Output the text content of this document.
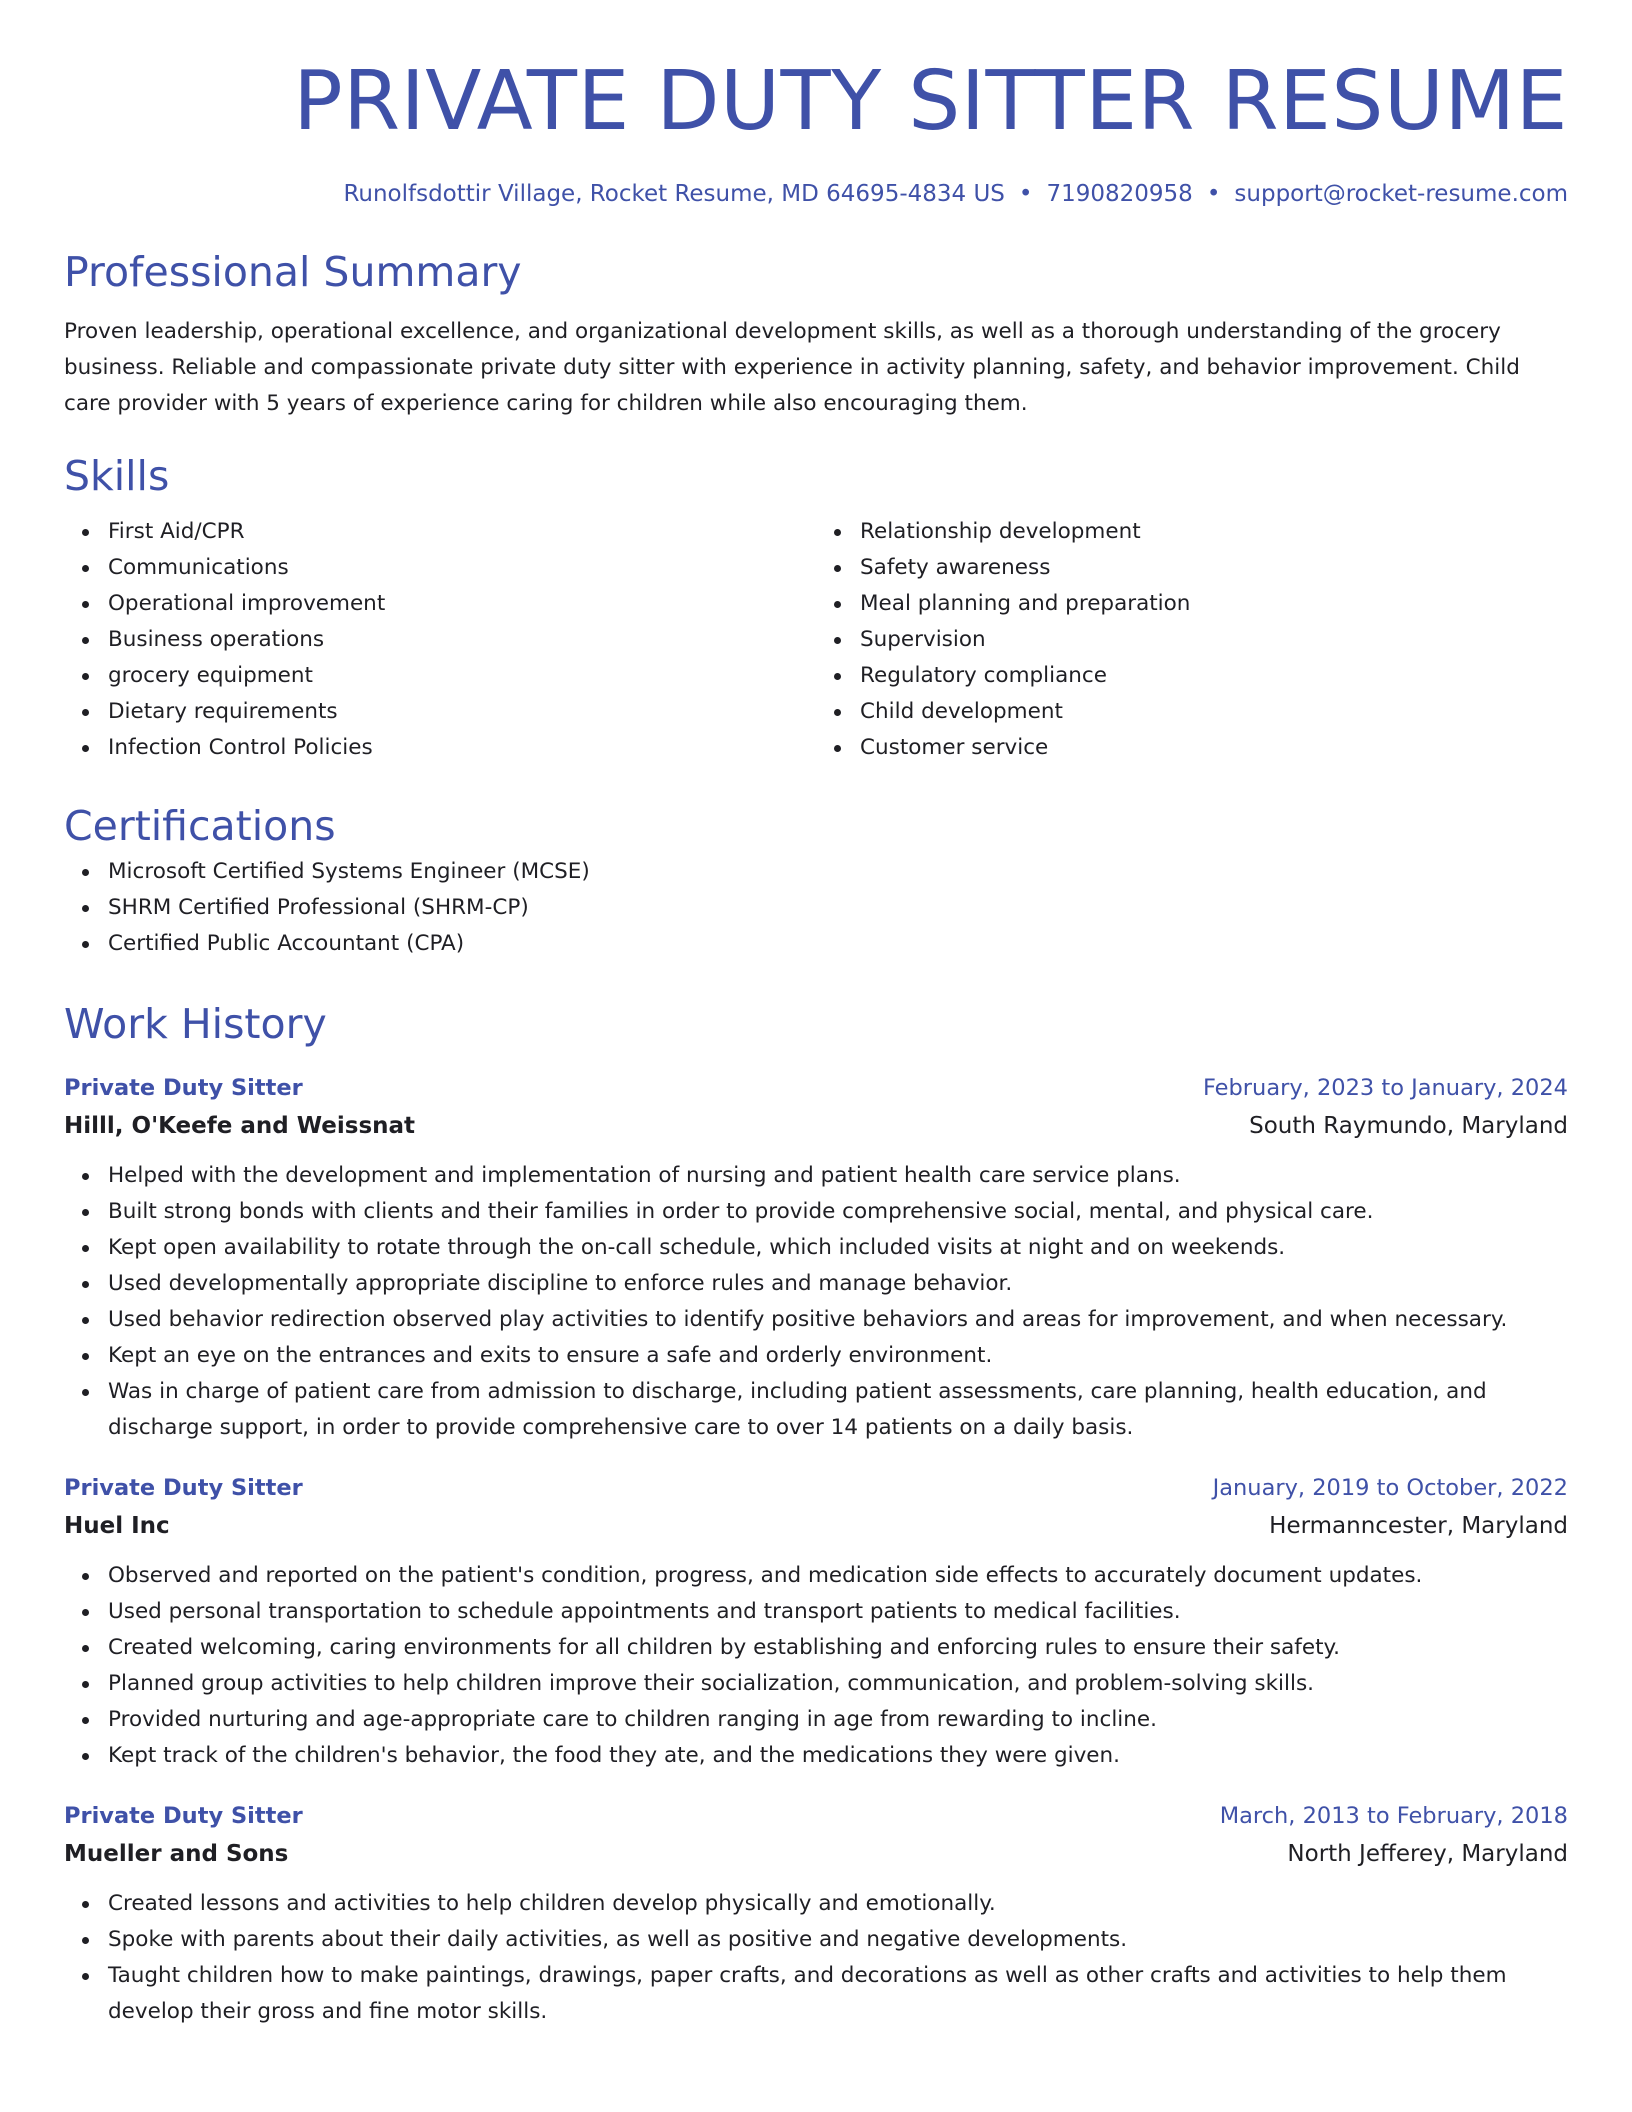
PRIVATE DUTY SITTER RESUME
Runolfsdottir Village, Rocket Resume, MD 64695-4834 US • 7190820958 • support@rocket-resume.com
Professional Summary

Proven leadership, operational excellence, and organizational development skills, as well as a thorough understanding of the grocery business. Reliable and compassionate private duty sitter with experience in activity planning, safety, and behavior improvement. Child care provider with 5 years of experience caring for children while also encouraging them.

Skills
First Aid/CPR
Communications
Operational improvement
Business operations
grocery equipment
Dietary requirements
Infection Control Policies
Relationship development
Safety awareness
Meal planning and preparation
Supervision
Regulatory compliance
Child development
Customer service
Certifications
Microsoft Certified Systems Engineer (MCSE)
SHRM Certified Professional (SHRM-CP)
Certified Public Accountant (CPA)
Work History
Private Duty Sitter	February, 2023 to January, 2024
Hilll, O'Keefe and Weissnat	South Raymundo, Maryland
Helped with the development and implementation of nursing and patient health care service plans.
Built strong bonds with clients and their families in order to provide comprehensive social, mental, and physical care.
Kept open availability to rotate through the on-call schedule, which included visits at night and on weekends.
Used developmentally appropriate discipline to enforce rules and manage behavior.
Used behavior redirection observed play activities to identify positive behaviors and areas for improvement, and when necessary.
Kept an eye on the entrances and exits to ensure a safe and orderly environment.
Was in charge of patient care from admission to discharge, including patient assessments, care planning, health education, and discharge support, in order to provide comprehensive care to over 14 patients on a daily basis.
Private Duty Sitter	January, 2019 to October, 2022
Huel Inc	Hermanncester, Maryland
Observed and reported on the patient's condition, progress, and medication side effects to accurately document updates.
Used personal transportation to schedule appointments and transport patients to medical facilities.
Created welcoming, caring environments for all children by establishing and enforcing rules to ensure their safety.
Planned group activities to help children improve their socialization, communication, and problem-solving skills.
Provided nurturing and age-appropriate care to children ranging in age from rewarding to incline.
Kept track of the children's behavior, the food they ate, and the medications they were given.
Private Duty Sitter	March, 2013 to February, 2018
Mueller and Sons	North Jefferey, Maryland
Created lessons and activities to help children develop physically and emotionally.
Spoke with parents about their daily activities, as well as positive and negative developments.
Taught children how to make paintings, drawings, paper crafts, and decorations as well as other crafts and activities to help them develop their gross and fine motor skills.
